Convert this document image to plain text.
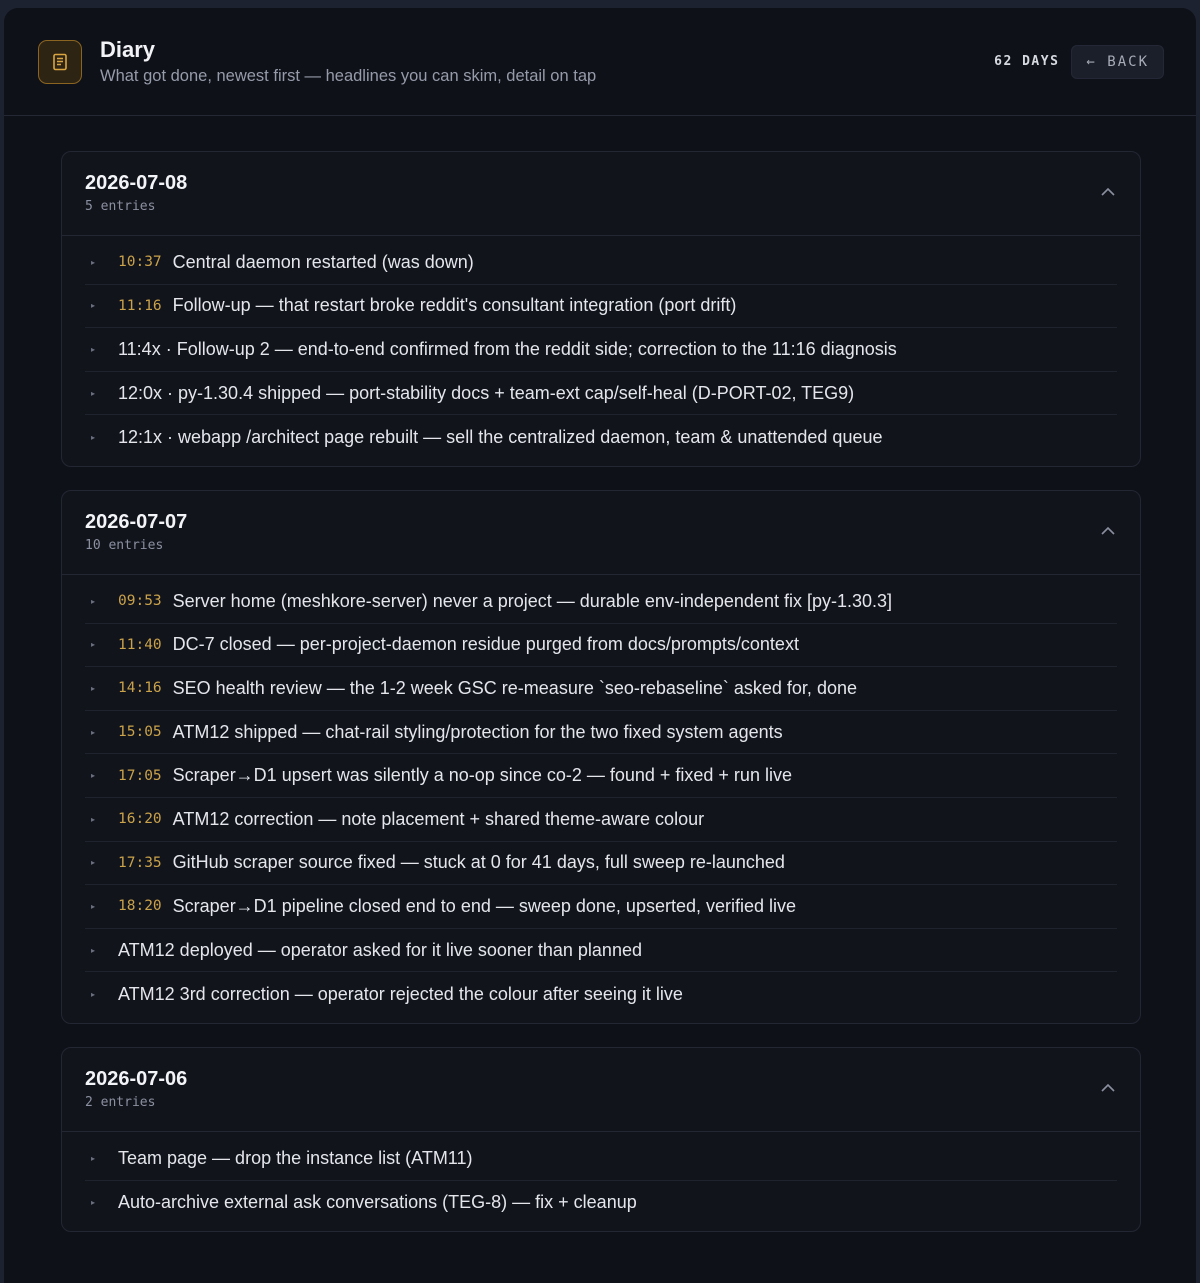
Diary
What got done, newest first — headlines you can skim, detail on tap
62 DAYS	← BACK
2026-07-08
5 entries
▸	10:37 Central daemon restarted (was down)
▸	11:16 Follow-up — that restart broke reddit's consultant integration (port drift)
▸	11:4x · Follow-up 2 — end-to-end confirmed from the reddit side; correction to the 11:16 diagnosis
▸	12:0x · py-1.30.4 shipped — port-stability docs + team-ext cap/self-heal (D-PORT-02, TEG9)
▸	12:1x · webapp /architect page rebuilt — sell the centralized daemon, team & unattended queue
2026-07-07
10 entries
▸	09:53 Server home (meshkore-server) never a project — durable env-independent fix [py-1.30.3]
▸	11:40 DC-7 closed — per-project-daemon residue purged from docs/prompts/context
▸	14:16 SEO health review — the 1-2 week GSC re-measure `seo-rebaseline` asked for, done
▸	15:05 ATM12 shipped — chat-rail styling/protection for the two fixed system agents
▸	17:05 Scraper→D1 upsert was silently a no-op since co-2 — found + fixed + run live
▸	16:20 ATM12 correction — note placement + shared theme-aware colour
▸	17:35 GitHub scraper source fixed — stuck at 0 for 41 days, full sweep re-launched
▸	18:20 Scraper→D1 pipeline closed end to end — sweep done, upserted, verified live
▸	ATM12 deployed — operator asked for it live sooner than planned
▸	ATM12 3rd correction — operator rejected the colour after seeing it live
2026-07-06
2 entries
▸	Team page — drop the instance list (ATM11)
▸	Auto-archive external ask conversations (TEG-8) — fix + cleanup
